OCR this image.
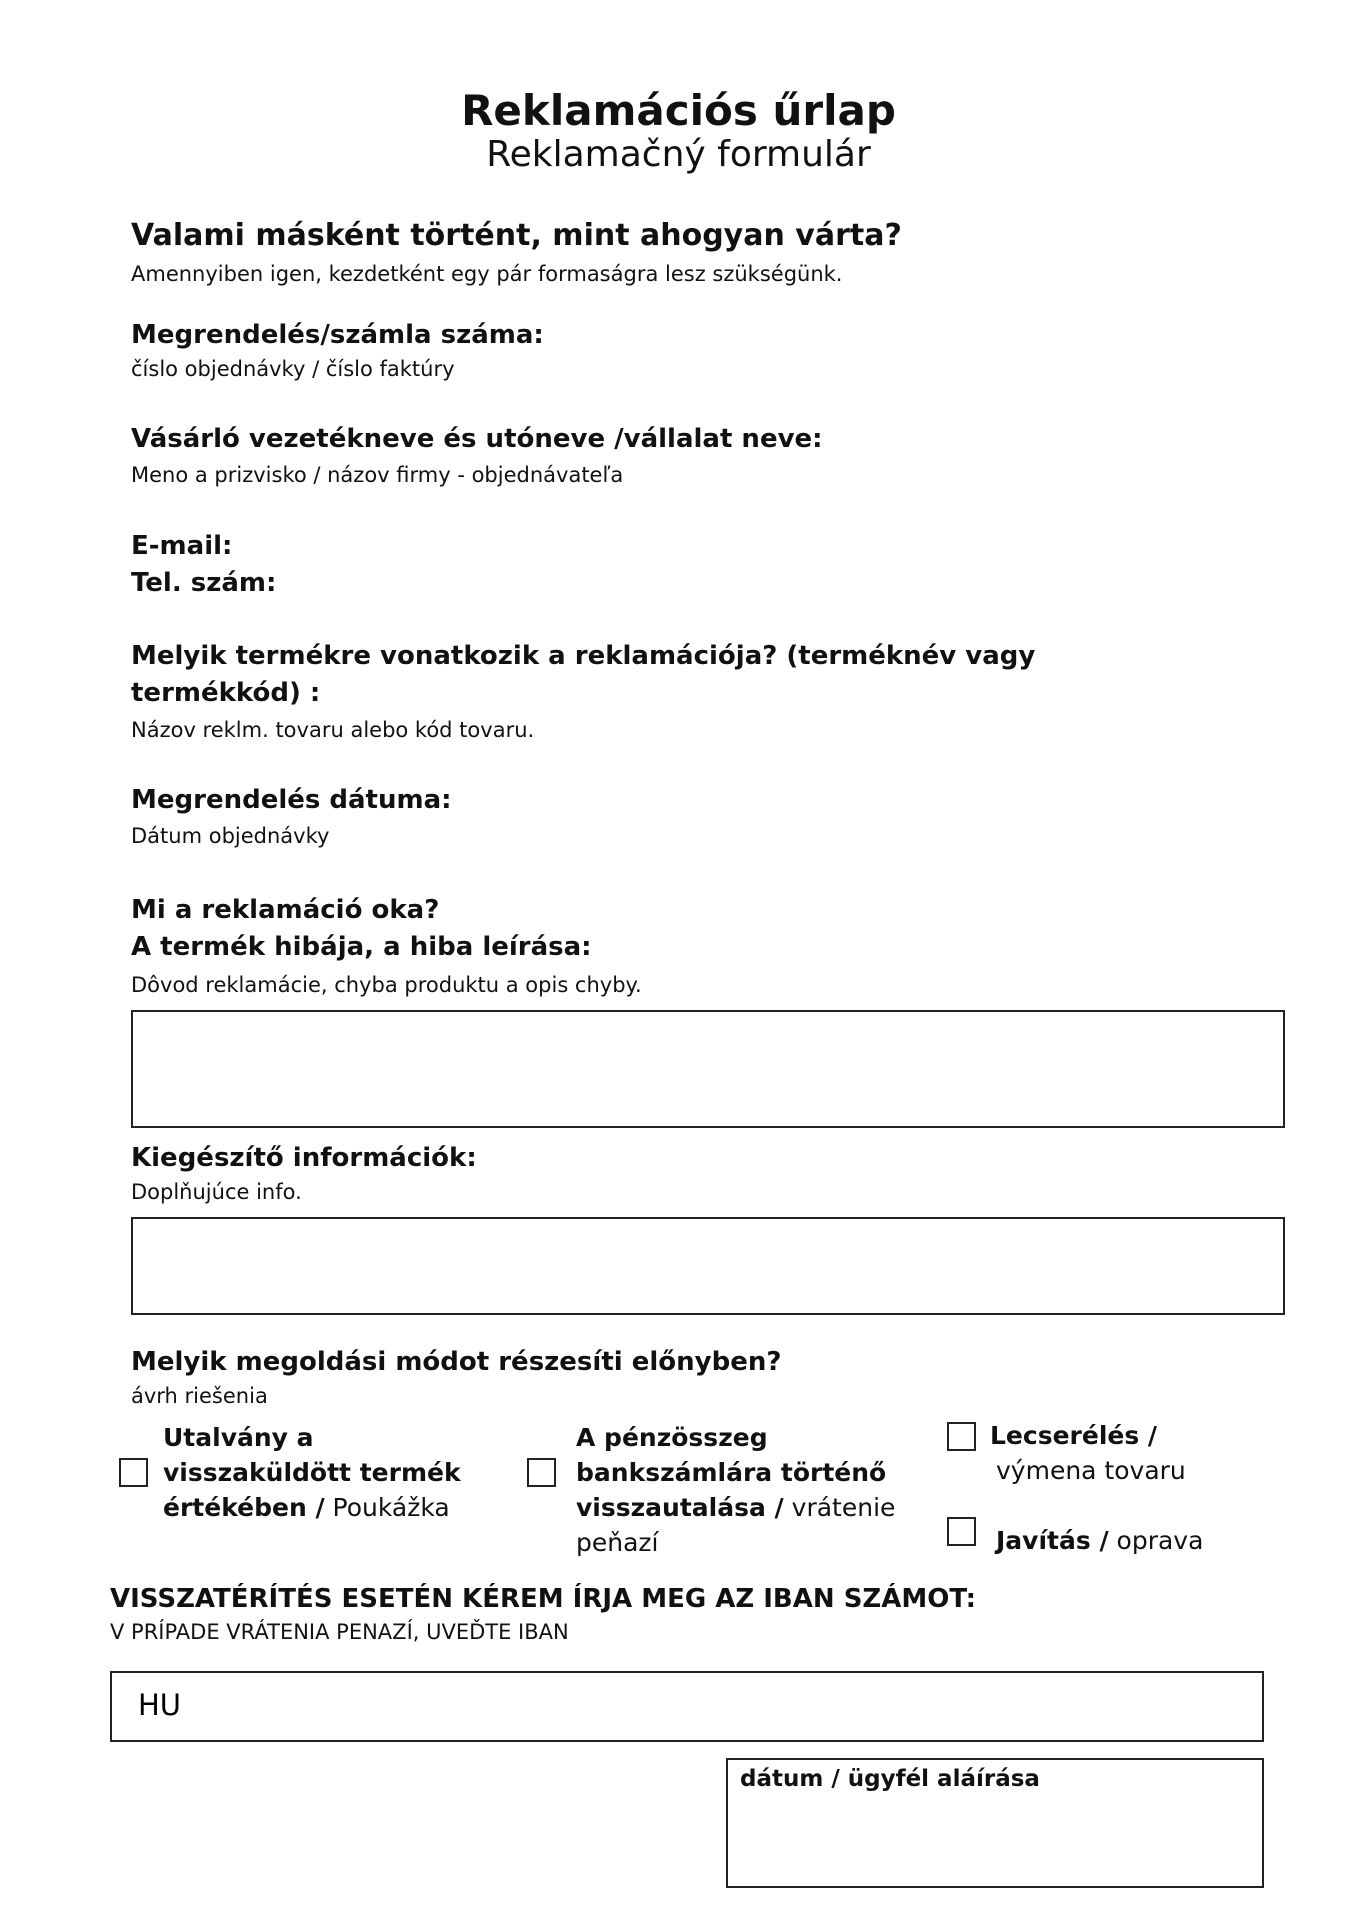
Reklamációs űrlap
Reklamačný formulár
Valami másként történt, mint ahogyan várta?
Amennyiben igen, kezdetként egy pár formaságra lesz szükségünk.
Megrendelés/számla száma:
číslo objednávky / číslo faktúry
Vásárló vezetékneve és utóneve /vállalat neve:
Meno a prizvisko / názov firmy - objednávateľa
E-mail:
Tel. szám:
Melyik termékre vonatkozik a reklamációja? (terméknév vagy
termékkód) :
Názov reklm. tovaru alebo kód tovaru.
Megrendelés dátuma:
Dátum objednávky
Mi a reklamáció oka?
A termék hibája, a hiba leírása:
Dôvod reklamácie, chyba produktu a opis chyby.
Kiegészítő információk:
Doplňujúce info.
Melyik megoldási módot részesíti előnyben?
ávrh riešenia
Utalvány a visszaküldött termék értékében / Poukážka
A pénzösszeg bankszámlára történő visszautalása / vrátenie peňazí
Lecserélés /
výmena tovaru
Javítás / oprava
VISSZATÉRÍTÉS ESETÉN KÉREM ÍRJA MEG AZ IBAN SZÁMOT:
V PRÍPADE VRÁTENIA PENAZÍ, UVEĎTE IBAN
HU
dátum / ügyfél aláírása
